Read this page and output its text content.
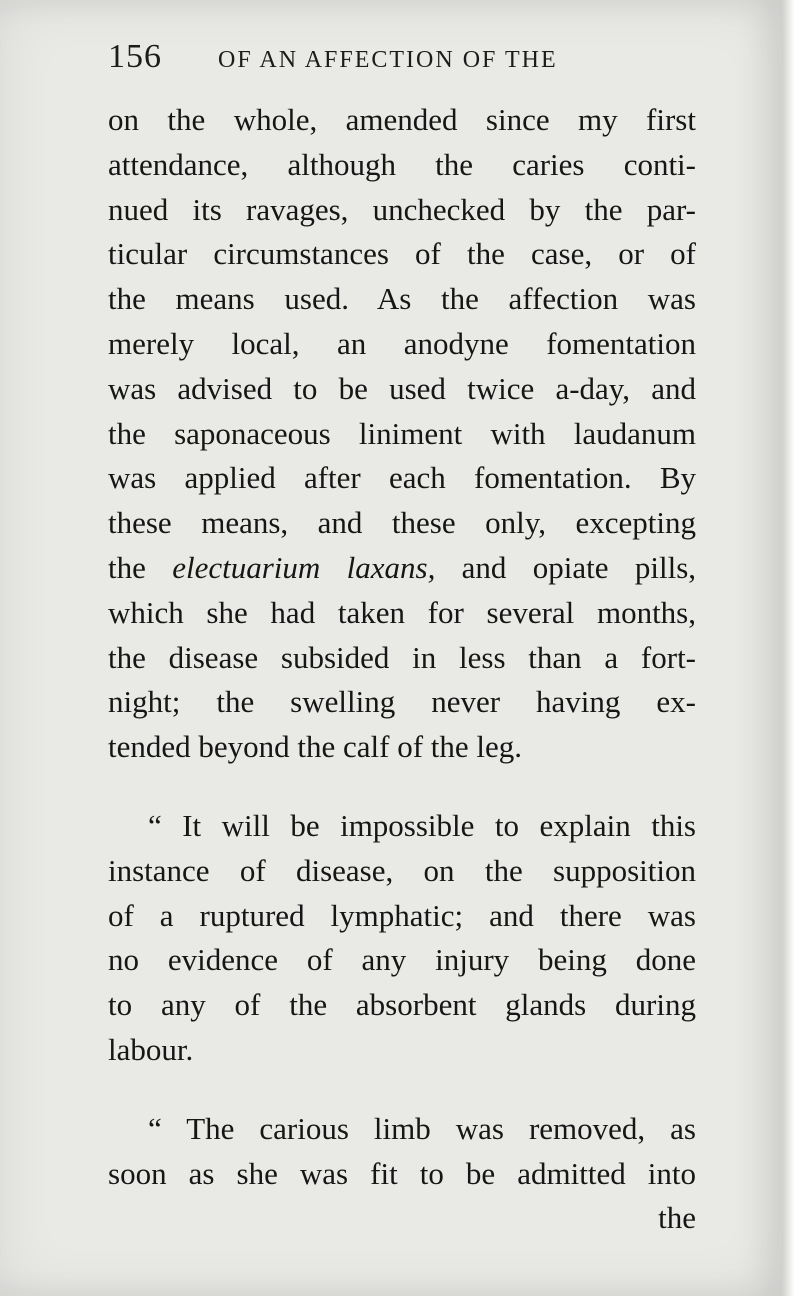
156 OF AN AFFECTION OF THE
on the whole, amended since my first
attendance, although the caries conti-
nued its ravages, unchecked by the par-
ticular circumstances of the case, or of
the means used. As the affection was
merely local, an anodyne fomentation
was advised to be used twice a-day, and
the saponaceous liniment with laudanum
was applied after each fomentation. By
these means, and these only, excepting
the electuarium laxans, and opiate pills,
which she had taken for several months,
the disease subsided in less than a fort-
night; the swelling never having ex-
tended beyond the calf of the leg.
“ It will be impossible to explain this
instance of disease, on the supposition
of a ruptured lymphatic; and there was
no evidence of any injury being done
to any of the absorbent glands during
labour.
“ The carious limb was removed, as
soon as she was fit to be admitted into
the
